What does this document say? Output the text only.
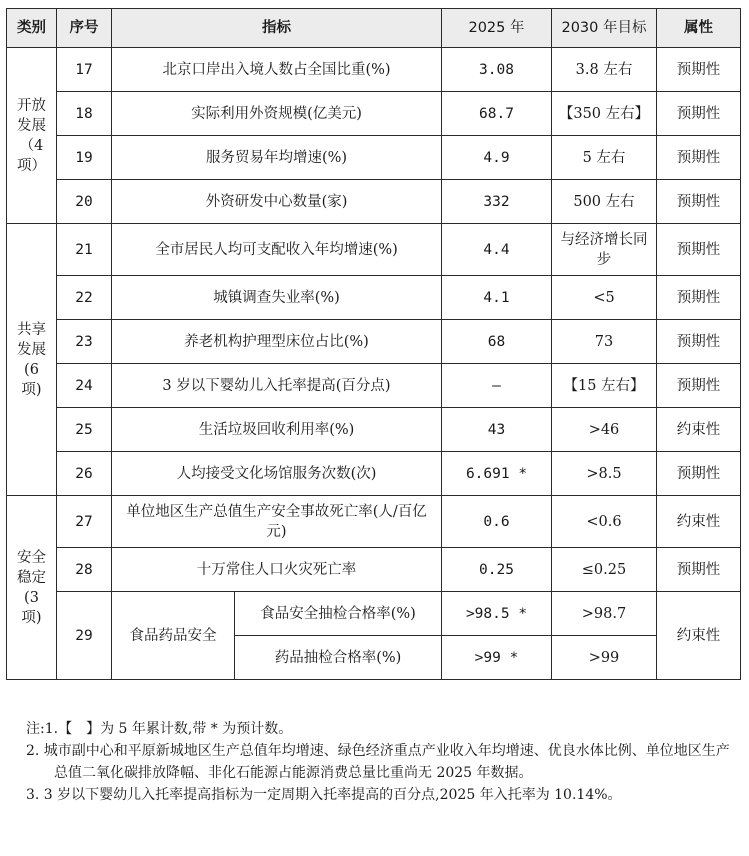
类别	序号	指标		2025 年	2030 年目标	属性

开放
发展
（4 项）	17	北京口岸出入境人数占全国比重(%)		3.08	3.8 左右	预期性
	18	实际利用外资规模(亿美元)		68.7	【350 左右】	预期性
	19	服务贸易年均增速(%)		4.9	5 左右	预期性
	20	外资研发中心数量(家)		332	500 左右	预期性

共享
发展
(6 项)	21	全市居民人均可支配收入年均增速(%)		4.4	与经济增长同步	预期性
	22	城镇调查失业率(%)		4.1	<5	预期性
	23	养老机构护理型床位占比(%)		68	73	预期性
	24	3 岁以下婴幼儿入托率提高(百分点)		—	【15 左右】	预期性
	25	生活垃圾回收利用率(%)		43	>46	约束性
	26	人均接受文化场馆服务次数(次)		6.691 *	>8.5	预期性

安全
稳定
(3 项)	27	单位地区生产总值生产安全事故死亡率(人/百亿元)		0.6	<0.6	约束性
	28	十万常住人口火灾死亡率		0.25	≤0.25	预期性
	29	食品药品安全	食品安全抽检合格率(%)	>98.5 *	>98.7	约束性
			药品抽检合格率(%)	>99 *	>99	
注:1.【　】为 5 年累计数,带 * 为预计数。
2. 城市副中心和平原新城地区生产总值年均增速、绿色经济重点产业收入年均增速、优良水体比例、单位地区生产总值二氧化碳排放降幅、非化石能源占能源消费总量比重尚无 2025 年数据。
3. 3 岁以下婴幼儿入托率提高指标为一定周期入托率提高的百分点,2025 年入托率为 10.14%。
